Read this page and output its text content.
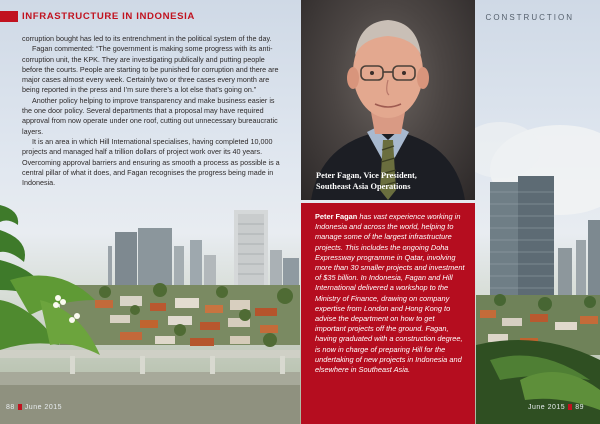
INFRASTRUCTURE IN INDONESIA	CONSTRUCTION

corruption bought has led to its entrenchment in the political system of the day.

Fagan commented: “The government is making some progress with its anti-corruption unit, the KPK. They are investigating publically and putting people before the courts. People are starting to be punished for corruption and there are major cases almost every week. Certainly two or three cases every month are being reported in the press and I’m sure there’s a lot else that’s going on.”

Another policy helping to improve transparency and make business easier is the one door policy. Several departments that a proposal may have required approval from now operate under one roof, cutting out unnecessary bureaucratic layers.

It is an area in which Hill International specialises, having completed 10,000 projects and managed half a trillion dollars of project work over its 40 years. Overcoming approval barriers and ensuring as smooth a process as possible is a central pillar of what it does, and Fagan recognises the progress being made in Indonesia.

Peter Fagan, Vice President,
Southeast Asia Operations
Peter Fagan has vast experience working in Indonesia and across the world, helping to manage some of the largest infrastructure projects. This includes the ongoing Doha Expressway programme in Qatar, involving more than 30 smaller projects and investment of $35 billion. In Indonesia, Fagan and Hill International delivered a workshop to the Ministry of Finance, drawing on company expertise from London and Hong Kong to advise the department on how to get important projects off the ground. Fagan, having graduated with a construction degree, is now in charge of preparing Hill for the undertaking of new projects in Indonesia and elsewhere in Southeast Asia.
88 June 2015	June 2015 89
